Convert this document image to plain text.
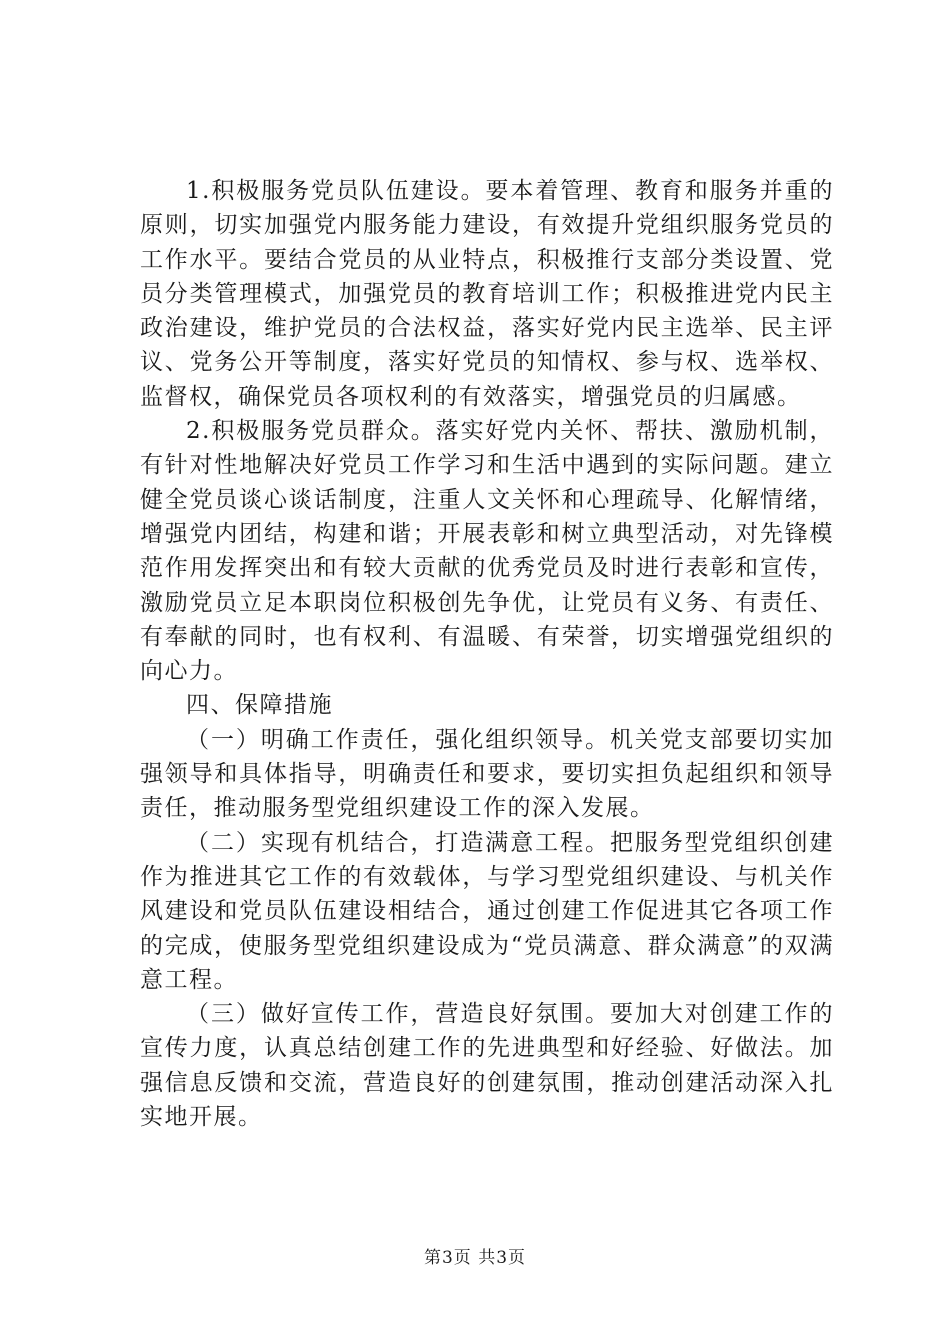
1.积极服务党员队伍建设。要本着管理、教育和服务并重的原则，切实加强党内服务能力建设，有效提升党组织服务党员的工作水平。要结合党员的从业特点，积极推行支部分类设置、党员分类管理模式，加强党员的教育培训工作；积极推进党内民主政治建设，维护党员的合法权益，落实好党内民主选举、民主评议、党务公开等制度，落实好党员的知情权、参与权、选举权、监督权，确保党员各项权利的有效落实，增强党员的归属感。

2.积极服务党员群众。落实好党内关怀、帮扶、激励机制，有针对性地解决好党员工作学习和生活中遇到的实际问题。建立健全党员谈心谈话制度，注重人文关怀和心理疏导、化解情绪，增强党内团结，构建和谐；开展表彰和树立典型活动，对先锋模范作用发挥突出和有较大贡献的优秀党员及时进行表彰和宣传，激励党员立足本职岗位积极创先争优，让党员有义务、有责任、有奉献的同时，也有权利、有温暖、有荣誉，切实增强党组织的向心力。

四、保障措施

（一）明确工作责任，强化组织领导。机关党支部要切实加强领导和具体指导，明确责任和要求，要切实担负起组织和领导责任，推动服务型党组织建设工作的深入发展。

（二）实现有机结合，打造满意工程。把服务型党组织创建作为推进其它工作的有效载体，与学习型党组织建设、与机关作风建设和党员队伍建设相结合，通过创建工作促进其它各项工作的完成，使服务型党组织建设成为“党员满意、群众满意”的双满意工程。

（三）做好宣传工作，营造良好氛围。要加大对创建工作的宣传力度，认真总结创建工作的先进典型和好经验、好做法。加强信息反馈和交流，营造良好的创建氛围，推动创建活动深入扎实地开展。

第3页 共3页
